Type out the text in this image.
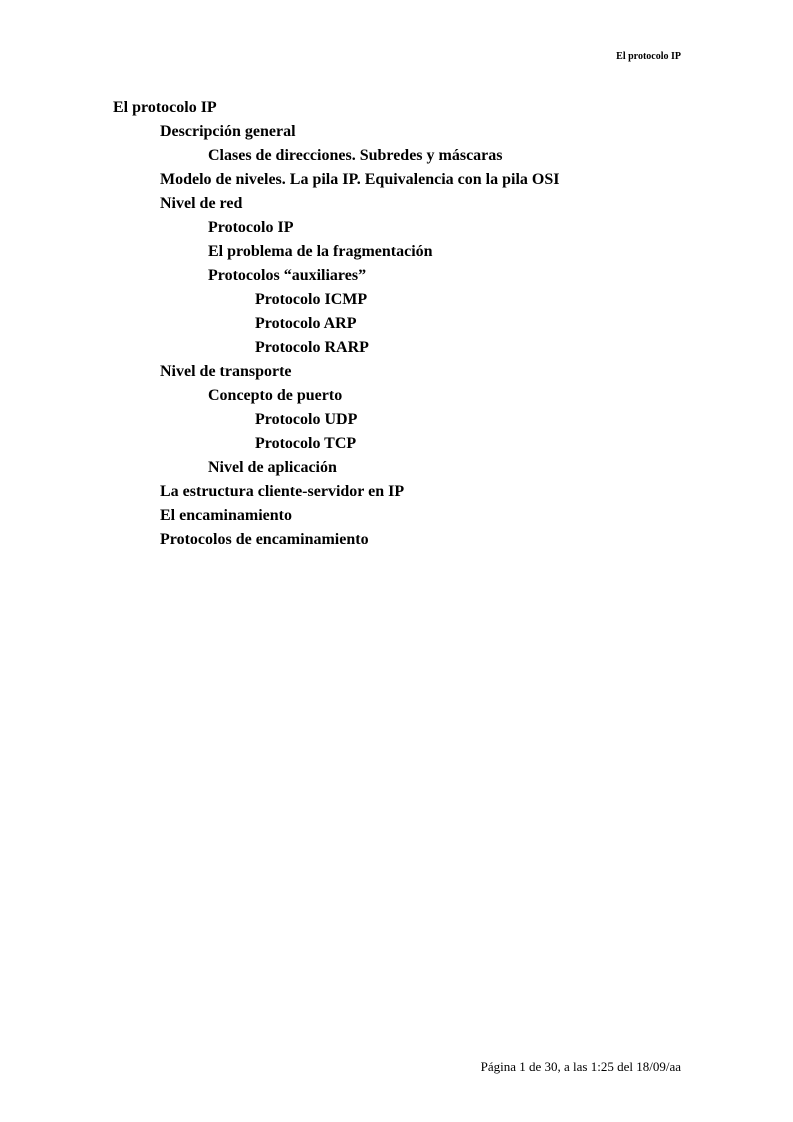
El protocolo IP
El protocolo IP
Descripción general
Clases de direcciones. Subredes y máscaras
Modelo de niveles. La pila IP. Equivalencia con la pila OSI
Nivel de red
Protocolo IP
El problema de la fragmentación
Protocolos “auxiliares”
Protocolo ICMP
Protocolo ARP
Protocolo RARP
Nivel de transporte
Concepto de puerto
Protocolo UDP
Protocolo TCP
Nivel de aplicación
La estructura cliente-servidor en IP
El encaminamiento
Protocolos de encaminamiento
Página 1 de 30, a las 1:25 del 18/09/aa
